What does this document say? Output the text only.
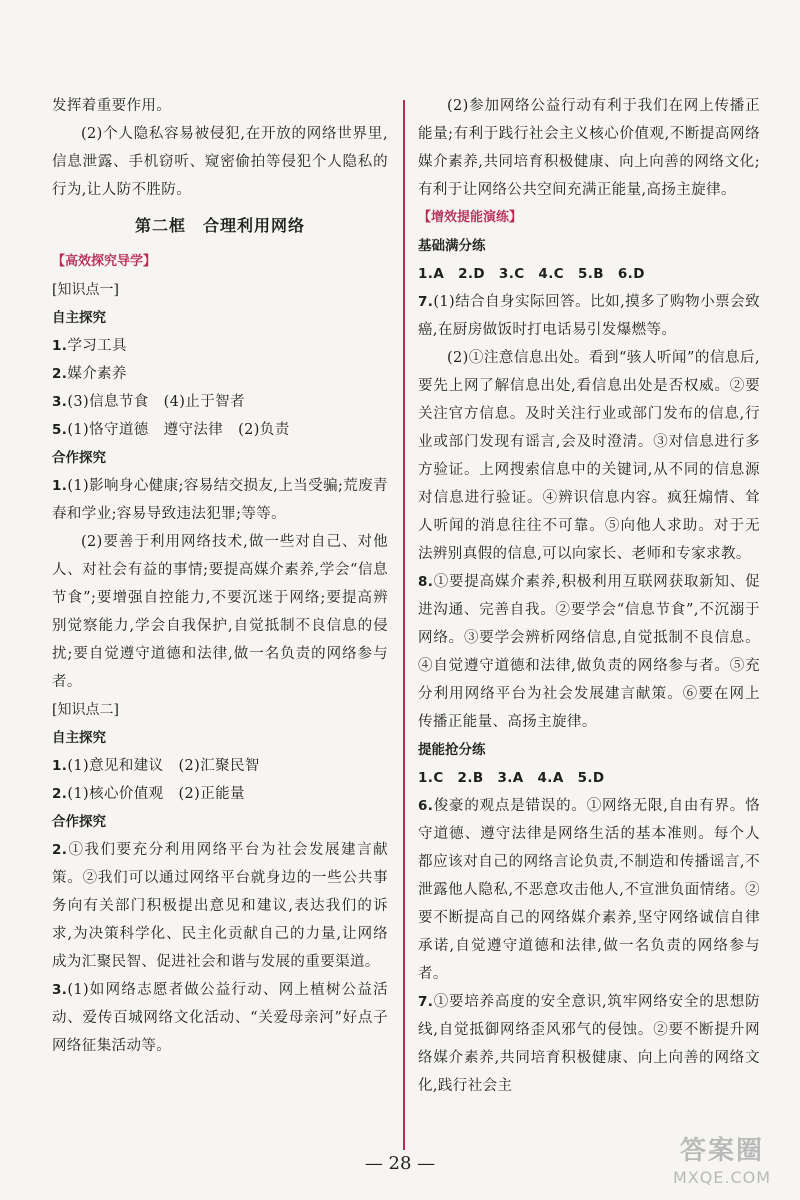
发挥着重要作用。

(2)个人隐私容易被侵犯,在开放的网络世界里,信息泄露、手机窃听、窥密偷拍等侵犯个人隐私的行为,让人防不胜防。

第二框　合理利用网络

【高效探究导学】

[知识点一]

自主探究

1.学习工具

2.媒介素养

3.(3)信息节食　(4)止于智者

5.(1)恪守道德　遵守法律　(2)负责

合作探究

1.(1)影响身心健康;容易结交损友,上当受骗;荒废青春和学业;容易导致违法犯罪;等等。

(2)要善于利用网络技术,做一些对自己、对他人、对社会有益的事情;要提高媒介素养,学会“信息节食”;要增强自控能力,不要沉迷于网络;要提高辨别觉察能力,学会自我保护,自觉抵制不良信息的侵扰;要自觉遵守道德和法律,做一名负责的网络参与者。

[知识点二]

自主探究

1.(1)意见和建议　(2)汇聚民智

2.(1)核心价值观　(2)正能量

合作探究

2.①我们要充分利用网络平台为社会发展建言献策。②我们可以通过网络平台就身边的一些公共事务向有关部门积极提出意见和建议,表达我们的诉求,为决策科学化、民主化贡献自己的力量,让网络成为汇聚民智、促进社会和谐与发展的重要渠道。

3.(1)如网络志愿者做公益行动、网上植树公益活动、爱传百城网络文化活动、“关爱母亲河”好点子网络征集活动等。

(2)参加网络公益行动有利于我们在网上传播正能量;有利于践行社会主义核心价值观,不断提高网络媒介素养,共同培育积极健康、向上向善的网络文化;有利于让网络公共空间充满正能量,高扬主旋律。

【增效提能演练】

基础满分练

1.A　2.D　3.C　4.C　5.B　6.D

7.(1)结合自身实际回答。比如,摸多了购物小票会致癌,在厨房做饭时打电话易引发爆燃等。

(2)①注意信息出处。看到“骇人听闻”的信息后,要先上网了解信息出处,看信息出处是否权威。②要关注官方信息。及时关注行业或部门发布的信息,行业或部门发现有谣言,会及时澄清。③对信息进行多方验证。上网搜索信息中的关键词,从不同的信息源对信息进行验证。④辨识信息内容。疯狂煽情、耸人听闻的消息往往不可靠。⑤向他人求助。对于无法辨别真假的信息,可以向家长、老师和专家求教。

8.①要提高媒介素养,积极利用互联网获取新知、促进沟通、完善自我。②要学会“信息节食”,不沉溺于网络。③要学会辨析网络信息,自觉抵制不良信息。④自觉遵守道德和法律,做负责的网络参与者。⑤充分利用网络平台为社会发展建言献策。⑥要在网上传播正能量、高扬主旋律。

提能抢分练

1.C　2.B　3.A　4.A　5.D

6.俊豪的观点是错误的。①网络无限,自由有界。恪守道德、遵守法律是网络生活的基本准则。每个人都应该对自己的网络言论负责,不制造和传播谣言,不泄露他人隐私,不恶意攻击他人,不宣泄负面情绪。②要不断提高自己的网络媒介素养,坚守网络诚信自律承诺,自觉遵守道德和法律,做一名负责的网络参与者。

7.①要培养高度的安全意识,筑牢网络安全的思想防线,自觉抵御网络歪风邪气的侵蚀。②要不断提升网络媒介素养,共同培育积极健康、向上向善的网络文化,践行社会主

— 28 —	答案圈
MXQE.COM
